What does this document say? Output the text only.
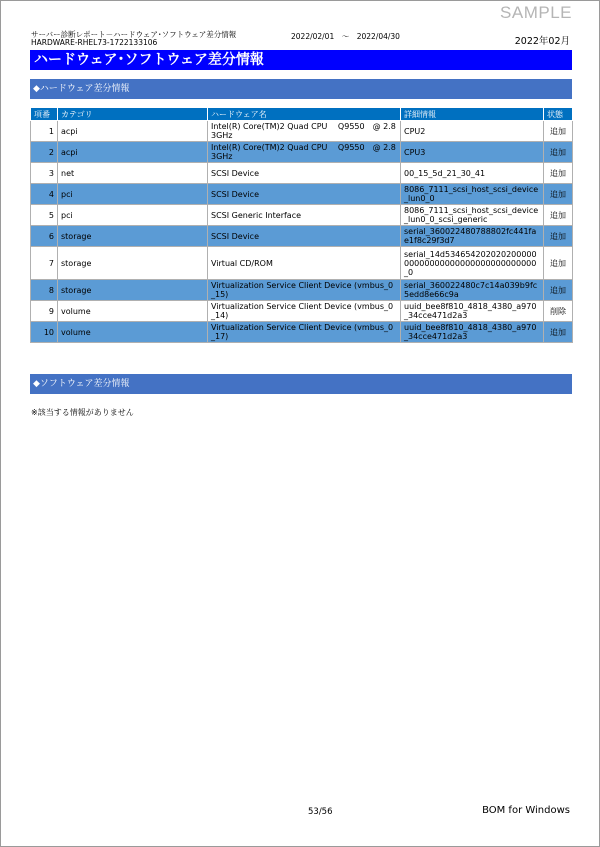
SAMPLE
サーバー診断レポート－ハードウェア･ソフトウェア差分情報
HARDWARE-RHEL73-1722133106
2022/02/01　～　2022/04/30	2022年02月
ハードウェア･ソフトウェア差分情報
◆ハードウェア差分情報
項番	カテゴリ	ハードウェア名	詳細情報	状態
1	acpi	Intel(R) Core(TM)2 Quad CPU　 Q9550　@ 2.83GHz	CPU2	追加
2	acpi	Intel(R) Core(TM)2 Quad CPU　 Q9550　@ 2.83GHz	CPU3	追加
3	net	SCSI Device	00_15_5d_21_30_41	追加
4	pci	SCSI Device	8086_7111_scsi_host_scsi_device_lun0_0	追加
5	pci	SCSI Generic Interface	8086_7111_scsi_host_scsi_device_lun0_0_scsi_generic	追加
6	storage	SCSI Device	serial_360022480788802fc441fae1f8c29f3d7	追加
7	storage	Virtual CD/ROM	serial_14d53465420202020000000000000000000000000000000_0	追加
8	storage	Virtualization Service Client Device (vmbus_0_15)	serial_360022480c7c14a039b9fc5edd8e66c9a	追加
9	volume	Virtualization Service Client Device (vmbus_0_14)	uuid_bee8f810_4818_4380_a970_34cce471d2a3	削除
10	volume	Virtualization Service Client Device (vmbus_0_17)	uuid_bee8f810_4818_4380_a970_34cce471d2a3	追加
◆ソフトウェア差分情報
※該当する情報がありません
53/56	BOM for Windows
